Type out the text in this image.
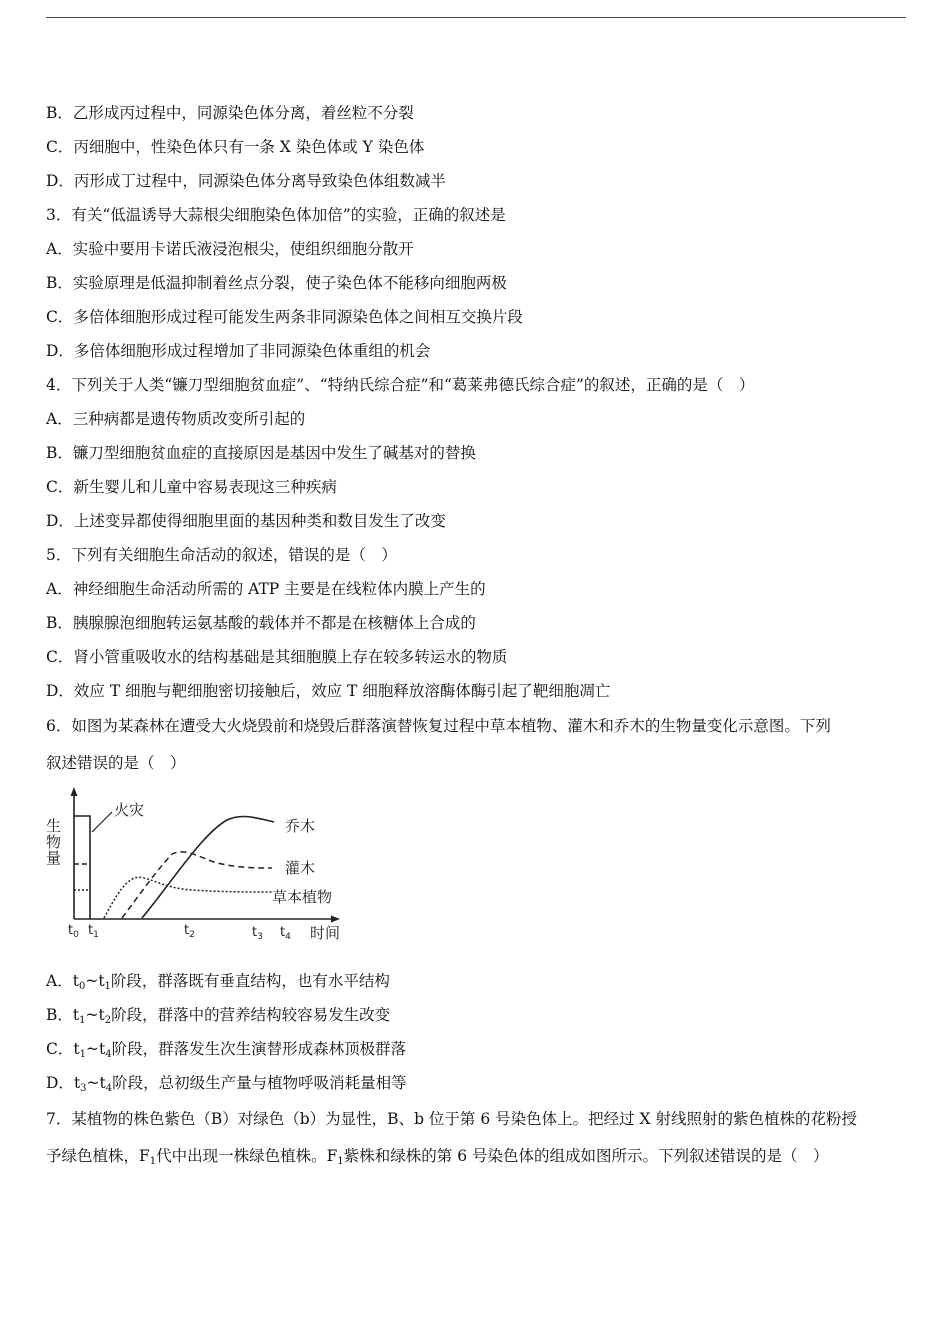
B．乙形成丙过程中，同源染色体分离，着丝粒不分裂
C．丙细胞中，性染色体只有一条 X 染色体或 Y 染色体
D．丙形成丁过程中，同源染色体分离导致染色体组数减半
3．有关“低温诱导大蒜根尖细胞染色体加倍”的实验，正确的叙述是
A．实验中要用卡诺氏液浸泡根尖，使组织细胞分散开
B．实验原理是低温抑制着丝点分裂，使子染色体不能移向细胞两极
C．多倍体细胞形成过程可能发生两条非同源染色体之间相互交换片段
D．多倍体细胞形成过程增加了非同源染色体重组的机会
4．下列关于人类“镰刀型细胞贫血症”、“特纳氏综合症”和“葛莱弗德氏综合症”的叙述，正确的是（　）
A．三种病都是遗传物质改变所引起的
B．镰刀型细胞贫血症的直接原因是基因中发生了碱基对的替换
C．新生婴儿和儿童中容易表现这三种疾病
D．上述变异都使得细胞里面的基因种类和数目发生了改变
5．下列有关细胞生命活动的叙述，错误的是（　）
A．神经细胞生命活动所需的 ATP 主要是在线粒体内膜上产生的
B．胰腺腺泡细胞转运氨基酸的载体并不都是在核糖体上合成的
C．肾小管重吸收水的结构基础是其细胞膜上存在较多转运水的物质
D．效应 T 细胞与靶细胞密切接触后，效应 T 细胞释放溶酶体酶引起了靶细胞凋亡
6．如图为某森林在遭受大火烧毁前和烧毁后群落演替恢复过程中草本植物、灌木和乔木的生物量变化示意图。下列
叙述错误的是（　）
生物量
火灾
乔木
灌木
草本植物
时间
$t_0$ $t_1$	$t_2$	$t_3$ $t_4$
A．$t_0\sim t_1$阶段，群落既有垂直结构，也有水平结构
B．$t_1\sim t_2$阶段，群落中的营养结构较容易发生改变
C．$t_1\sim t_4$阶段，群落发生次生演替形成森林顶极群落
D．$t_3\sim t_4$阶段，总初级生产量与植物呼吸消耗量相等
7．某植物的株色紫色（B）对绿色（b）为显性，B、b 位于第 6 号染色体上。把经过 X 射线照射的紫色植株的花粉授
予绿色植株，$F_1$代中出现一株绿色植株。$F_1$紫株和绿株的第 6 号染色体的组成如图所示。下列叙述错误的是（　）
